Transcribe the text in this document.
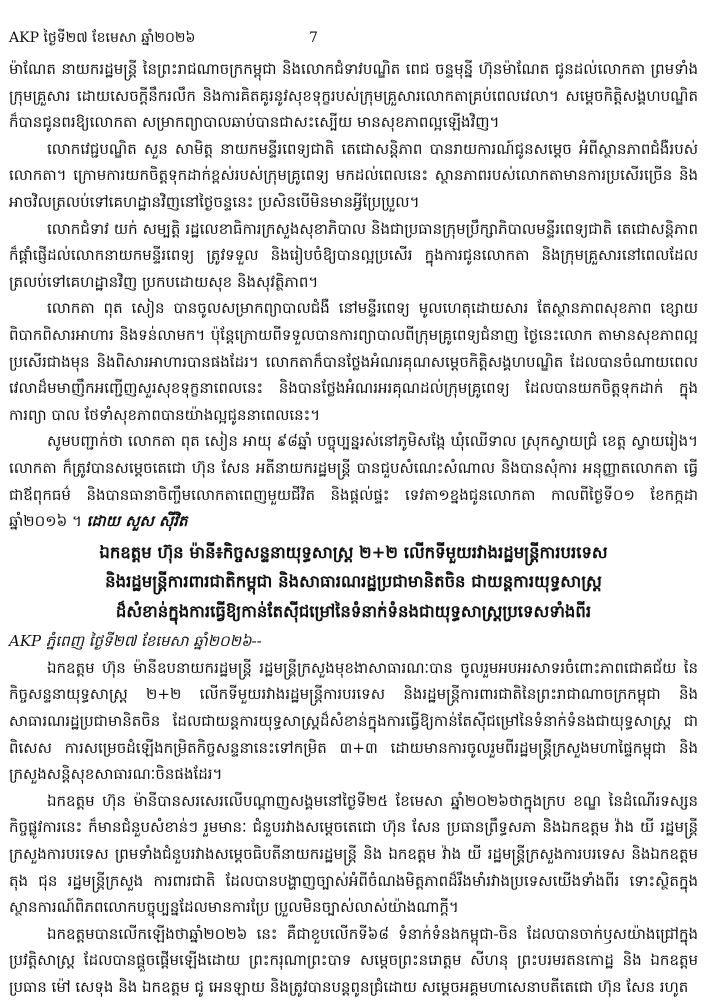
AKP ថ្ងៃទី២៧ ខែមេសា ឆ្នាំ២០២៦	7

ម៉ាណែត នាយករដ្ឋមន្ត្រី នៃព្រះរាជណាចក្រកម្ពុជា និងលោកជំទាវបណ្ឌិត ពេជ ចន្ទមុន្នី ហ៊ុនម៉ាណែត ជូនដល់លោកតា ព្រមទាំងក្រុមគ្រួសារ ដោយសេចក្តីនឹករលឹក និងការគិតគូរនូវសុខទុក្ខរបស់ក្រុមគ្រួសារលោកតាគ្រប់ពេលវេលា។ សម្តេចកិត្តិសង្គហបណ្ឌិត ក៏បានជូនពរឱ្យលោកតា សម្រាកព្យាបាលឆាប់បានជាសះស្បើយ មានសុខភាពល្អឡើងវិញ។

លោកវេជ្ជបណ្ឌិត សួន សាមិត្ត នាយកមន្ទីរពេទ្យជាតិ តេជោសន្តិភាព បានរាយការណ៍ជូនសម្តេច អំពីស្ថានភាពជំងឺរបស់លោកតា។ ក្រោមការយកចិត្តទុកដាក់ខ្ពស់របស់ក្រុមគ្រូពេទ្យ មកដល់ពេលនេះ ស្ថានភាពរបស់លោកតាមានការប្រសើរច្រើន និងអាចវិលត្រលប់ទៅគេហដ្ឋានវិញនៅថ្ងៃចន្ទនេះ ប្រសិនបើមិនមានអ្វីប្រែប្រួល។

លោកជំទាវ យក់ សម្បត្តិ រដ្ឋលេខាធិការក្រសួងសុខាភិបាល និងជាប្រធានក្រុមប្រឹក្សាភិបាលមន្ទីរពេទ្យជាតិ តេជោសន្តិភាព ក៏ផ្ដាំផ្ញើដល់លោកនាយកមន្ទីរពេទ្យ ត្រូវទទួល និងរៀបចំឱ្យបានល្អប្រសើរ ក្នុងការជូនលោកតា និងក្រុមគ្រួសារនៅពេលដែលត្រលប់ទៅគេហដ្ឋានវិញ ប្រកបដោយសុខ និងសុវត្ថិភាព។

លោកតា ពុត សៀន បានចូលសម្រាកព្យាបាលជំងឺ នៅមន្ទីរពេទ្យ មូលហេតុដោយសារ តែស្ថានភាពសុខភាព ខ្សោយ ពិបាកពិសារអាហារ និងទន់លាមក។ ប៉ុន្តែក្រោយពីទទួលបានការព្យាបាលពីក្រុមគ្រូពេទ្យជំនាញ ថ្ងៃនេះលោក តាមានសុខភាពល្អប្រសើរជាងមុន និងពិសារអាហារបានផងដែរ។ លោកតាក៏បានថ្លែងអំណរគុណសម្តេចកិត្តិសង្គហបណ្ឌិត ដែលបានចំណាយពេលវេលាដ៏មមាញឹកអញ្ជើញសួរសុខទុក្ខនាពេលនេះ និងបានថ្លែងអំណរអរគុណដល់ក្រុមគ្រូពេទ្យ ដែលបានយកចិត្តទុកដាក់ ក្នុងការព្យា បាល ថែទាំសុខភាពបានយ៉ាងល្អជូននាពេលនេះ។

សូមបញ្ជាក់ថា លោកតា ពុត សៀន អាយុ ៩៨ឆ្នាំ បច្ចុប្បន្នរស់នៅភូមិសង្កែ ឃុំឈើទាល ស្រុកស្វាយជ្រំ ខេត្ត ស្វាយរៀង។ លោកតា ក៏ត្រូវបានសម្តេចតេជោ ហ៊ុន សែន អតីនាយករដ្ឋមន្ត្រី បានជួបសំណេះសំណាល និងបានសុំការ អនុញ្ញាតលោកតា ធ្វើជាឪពុកធម៌ និងបានធានាចិញ្ចឹមលោកតាពេញមួយជីវិត និងផ្តល់ផ្ទះ ទេវតា១ខ្នងជូនលោកតា កាលពីថ្ងៃទី០១ ខែកក្កដា ឆ្នាំ២០១៦ ។ ដោយ សួស ស៊ីវិត

ឯកឧត្តម ហ៊ុន ម៉ានី៖កិច្ចសន្ទនាយុទ្ធសាស្ត្រ ២+២ លើកទីមួយរវាងរដ្ឋមន្ត្រីការបរទេស
និងរដ្ឋមន្ត្រីការពារជាតិកម្ពុជា និងសាធារណរដ្ឋប្រជាមានិតចិន ជាយន្តការយុទ្ធសាស្ត្រ
ដ៏សំខាន់ក្នុងការធ្វើឱ្យកាន់តែស៊ីជម្រៅនៃទំនាក់ទំនងជាយុទ្ធសាស្ត្រប្រទេសទាំងពីរ

AKP ភ្នំពេញ ថ្ងៃទី២៧ ខែមេសា ឆ្នាំ២០២៦--

ឯកឧត្តម ហ៊ុន ម៉ានីឧបនាយករដ្ឋមន្ត្រី រដ្ឋមន្ត្រីក្រសួងមុខងាសាធារណៈបាន ចូលរួមអបអរសាទរចំពោះភាពជោគជ័យ នៃកិច្ចសន្ទនាយុទ្ធសាស្ត្រ ២+២ លើកទីមួយរវាងរដ្ឋមន្ត្រីការបរទេស និងរដ្ឋមន្ត្រីការពារជាតិនៃព្រះរាជាណាចក្រកម្ពុជា និងសាធារណរដ្ឋប្រជាមានិតចិន ដែលជាយន្តការយុទ្ធសាស្ត្រដ៏សំខាន់ក្នុងការធ្វើឱ្យកាន់តែស៊ីជម្រៅនៃទំនាក់ទំនងជាយុទ្ធសាស្ត្រ ជាពិសេស ការសម្រេចដំឡើងកម្រិតកិច្ចសន្ទនានេះទៅកម្រិត ៣+៣ ដោយមានការចូលរួមពីរដ្ឋមន្ត្រីក្រសួងមហាផ្ទៃកម្ពុជា និងក្រសួងសន្តិសុខសាធារណៈចិនផងដែរ។

ឯកឧត្តម ហ៊ុន ម៉ានីបានសរសេរលើបណ្តាញសង្គមនៅថ្ងៃទី២៥ ខែមេសា ឆ្នាំ២០២៦ថាក្នុងក្រប ខណ្ឌ នៃដំណើរទស្សនកិច្ចផ្លូវការនេះ ក៏មានជំនួបសំខាន់ៗ រួមមានៈ ជំនួបរវាងសម្តេចតេជោ ហ៊ុន សែន ប្រធានព្រឹទ្ធសភា និងឯកឧត្តម វ៉ាង យី រដ្ឋមន្ត្រីក្រសួងការបរទេស ព្រមទាំងជំនួបរវាងសម្តេចធិបតីនាយករដ្ឋមន្ត្រី និង ឯកឧត្តម វ៉ាង យី រដ្ឋមន្ត្រីក្រសួងការបរទេស និងឯកឧត្តម តុង ជុន រដ្ឋមន្ត្រីក្រសួង ការពារជាតិ ដែលបានបង្ហាញច្បាស់អំពីចំណងមិត្តភាពដ៏រឹងមាំរវាងប្រទេសយើងទាំងពីរ ទោះស្ថិតក្នុងស្ថានការណ៍ពិភពលោកបច្ចុប្បន្នដែលមានការប្រែ ប្រួលមិនច្បាស់លាស់យ៉ាងណាក្តី។

ឯកឧត្តមបានលើកឡើងថាឆ្នាំ២០២៦ នេះ គឺជាខួបលើកទី៦៨ ទំនាក់ទំនងកម្ពុជា-ចិន ដែលបានចាក់ឫសយ៉ាងជ្រៅក្នុងប្រវត្តិសាស្ត្រ ដែលបានផ្តួចផ្តើមឡើងដោយ ព្រះករុណាព្រះបាទ សម្តេចព្រះនរោត្តម សីហនុ ព្រះបរមរតនកោដ្ឋ និង ឯកឧត្តមប្រធាន ម៉ៅ សេទុង និង ឯកឧត្តម ជូ អេនឡាយ និងត្រូវបានបន្តពូនជ្រំដោយ សម្តេចអគ្គមហាសេនាបតីតេជោ ហ៊ុន សែន រហូត
